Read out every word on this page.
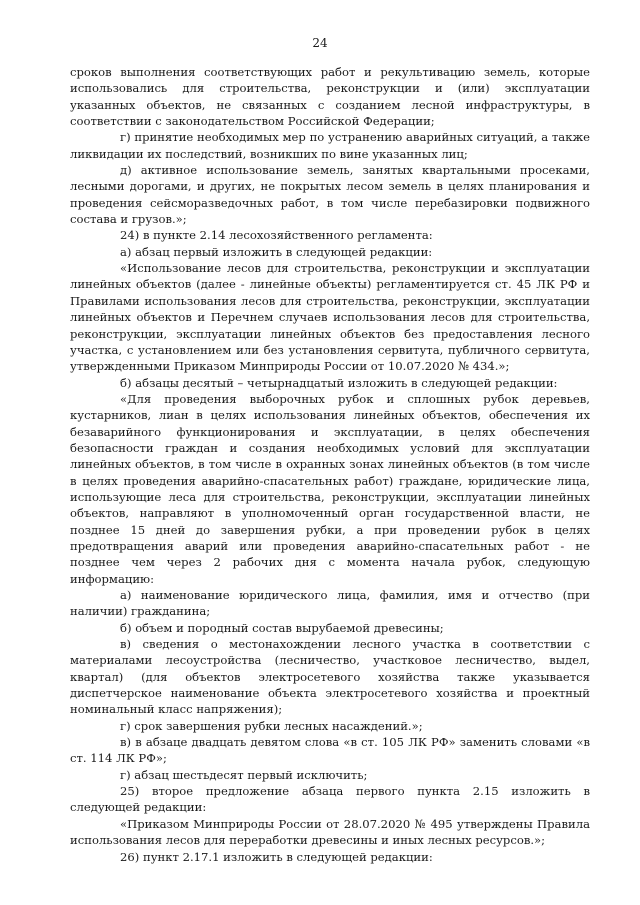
24

сроков выполнения соответствующих работ и рекультивацию земель, которые использовались для строительства, реконструкции и (или) эксплуатации указанных объектов, не связанных с созданием лесной инфраструктуры, в соответствии с законодательством Российской Федерации;

г) принятие необходимых мер по устранению аварийных ситуаций, а также ликвидации их последствий, возникших по вине указанных лиц;

д) активное использование земель, занятых квартальными просеками, лесными дорогами, и других, не покрытых лесом земель в целях планирования и проведения сейсморазведочных работ, в том числе перебазировки подвижного состава и грузов.»;

24) в пункте 2.14 лесохозяйственного регламента:

а) абзац первый изложить в следующей редакции:

«Использование лесов для строительства, реконструкции и эксплуатации линейных объектов (далее - линейные объекты) регламентируется ст. 45 ЛК РФ и Правилами использования лесов для строительства, реконструкции, эксплуатации линейных объектов и Перечнем случаев использования лесов для строительства, реконструкции, эксплуатации линейных объектов без предоставления лесного участка, с установлением или без установления сервитута, публичного сервитута, утвержденными Приказом Минприроды России от 10.07.2020 № 434.»;

б) абзацы десятый – четырнадцатый изложить в следующей редакции:

«Для проведения выборочных рубок и сплошных рубок деревьев, кустарников, лиан в целях использования линейных объектов, обеспечения их безаварийного функционирования и эксплуатации, в целях обеспечения безопасности граждан и создания необходимых условий для эксплуатации линейных объектов, в том числе в охранных зонах линейных объектов (в том числе в целях проведения аварийно-спасательных работ) граждане, юридические лица, использующие леса для строительства, реконструкции, эксплуатации линейных объектов, направляют в уполномоченный орган государственной власти, не позднее 15 дней до завершения рубки, а при проведении рубок в целях предотвращения аварий или проведения аварийно-спасательных работ - не позднее чем через 2 рабочих дня с момента начала рубок, следующую информацию:

а) наименование юридического лица, фамилия, имя и отчество (при наличии) гражданина;

б) объем и породный состав вырубаемой древесины;

в) сведения о местонахождении лесного участка в соответствии с материалами лесоустройства (лесничество, участковое лесничество, выдел, квартал) (для объектов электросетевого хозяйства также указывается диспетчерское наименование объекта электросетевого хозяйства и проектный номинальный класс напряжения);

г) срок завершения рубки лесных насаждений.»;

в) в абзаце двадцать девятом слова «в ст. 105 ЛК РФ» заменить словами «в ст. 114 ЛК РФ»;

г) абзац шестьдесят первый исключить;

25) второе предложение абзаца первого пункта 2.15 изложить в следующей редакции:

«Приказом Минприроды России от 28.07.2020 № 495 утверждены Правила использования лесов для переработки древесины и иных лесных ресурсов.»;

26) пункт 2.17.1 изложить в следующей редакции:
